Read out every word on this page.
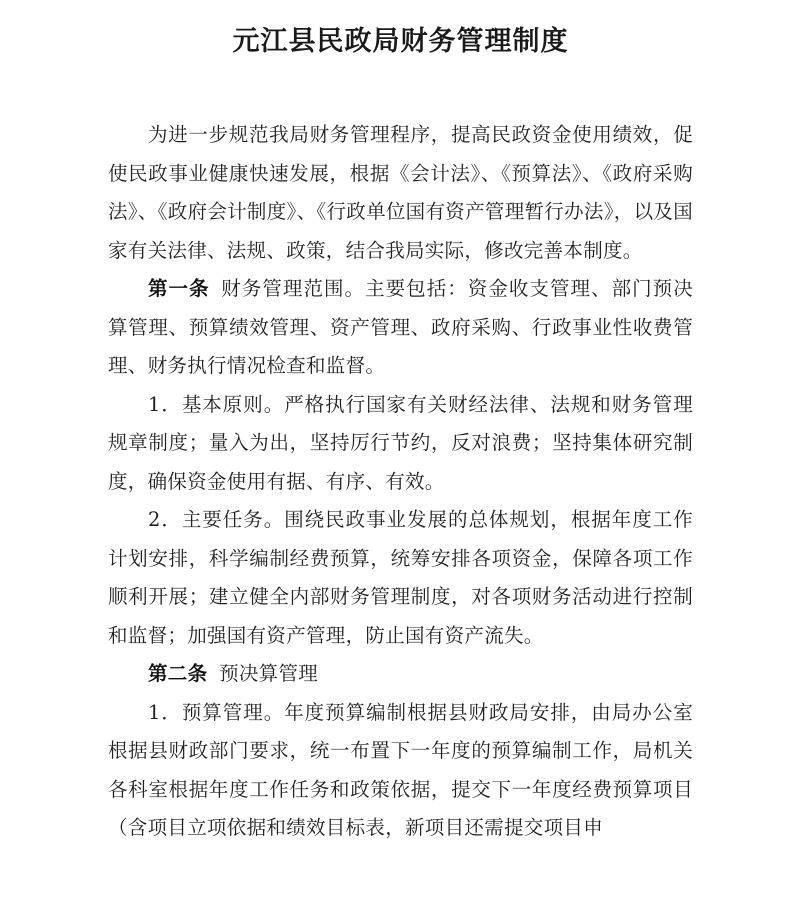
元江县民政局财务管理制度

为进一步规范我局财务管理程序，提高民政资金使用绩效，促使民政事业健康快速发展，根据《会计法》、《预算法》、《政府采购法》、《政府会计制度》、《行政单位国有资产管理暂行办法》，以及国家有关法律、法规、政策，结合我局实际，修改完善本制度。

第一条 财务管理范围。主要包括：资金收支管理、部门预决算管理、预算绩效管理、资产管理、政府采购、行政事业性收费管理、财务执行情况检查和监督。

1．基本原则。严格执行国家有关财经法律、法规和财务管理规章制度；量入为出，坚持厉行节约，反对浪费；坚持集体研究制度，确保资金使用有据、有序、有效。

2．主要任务。围绕民政事业发展的总体规划，根据年度工作计划安排，科学编制经费预算，统筹安排各项资金，保障各项工作顺利开展；建立健全内部财务管理制度，对各项财务活动进行控制和监督；加强国有资产管理，防止国有资产流失。

第二条 预决算管理

1．预算管理。年度预算编制根据县财政局安排，由局办公室根据县财政部门要求，统一布置下一年度的预算编制工作，局机关各科室根据年度工作任务和政策依据，提交下一年度经费预算项目（含项目立项依据和绩效目标表，新项目还需提交项目申
